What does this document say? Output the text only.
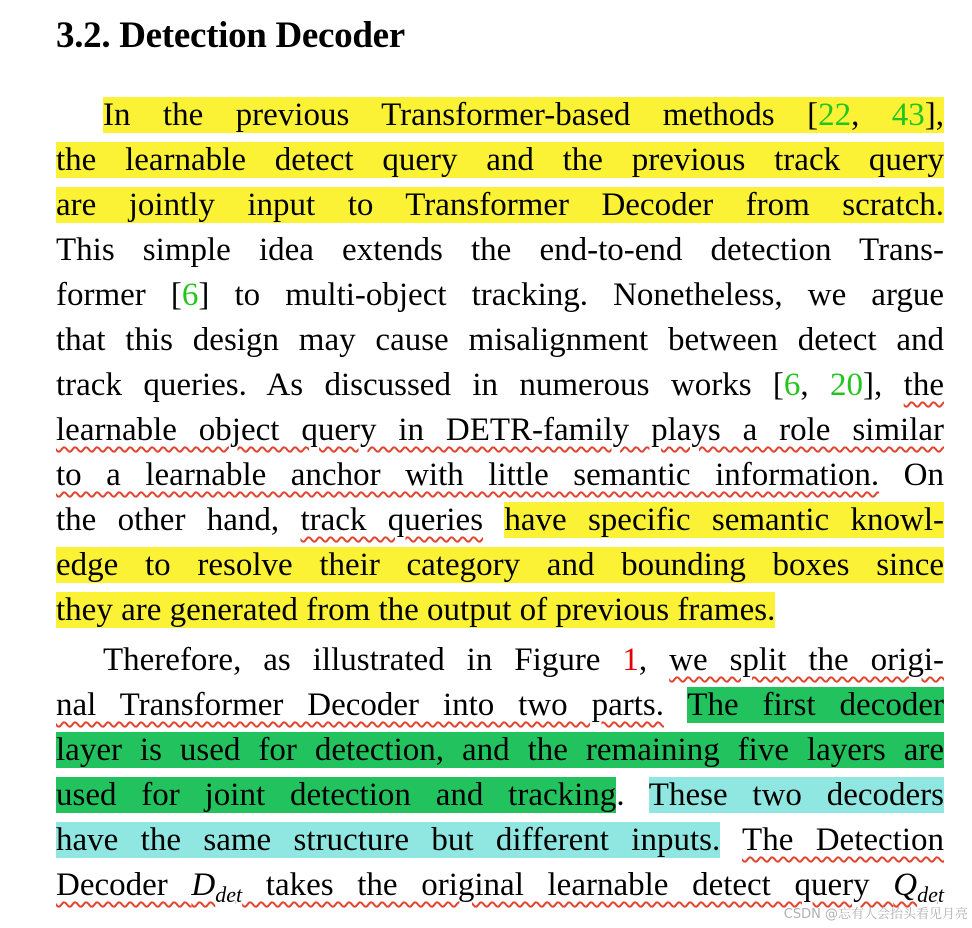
3.2. Detection Decoder
In the previous Transformer-based methods [22, 43],
the learnable detect query and the previous track query
are jointly input to Transformer Decoder from scratch.
This simple idea extends the end-to-end detection Trans-
former [6] to multi-object tracking. Nonetheless, we argue
that this design may cause misalignment between detect and
track queries. As discussed in numerous works [6, 20], the
learnable object query in DETR-family plays a role similar
to a learnable anchor with little semantic information. On
the other hand, track queries have specific semantic knowl-
edge to resolve their category and bounding boxes since
they are generated from the output of previous frames.
Therefore, as illustrated in Figure 1, we split the origi-
nal Transformer Decoder into two parts. The first decoder
layer is used for detection, and the remaining five layers are
used for joint detection and tracking. These two decoders
have the same structure but different inputs. The Detection
Decoder $D_{det}$ takes the original learnable detect query $Q_{det}$
CSDN @忘有人会抬头看见月亮
